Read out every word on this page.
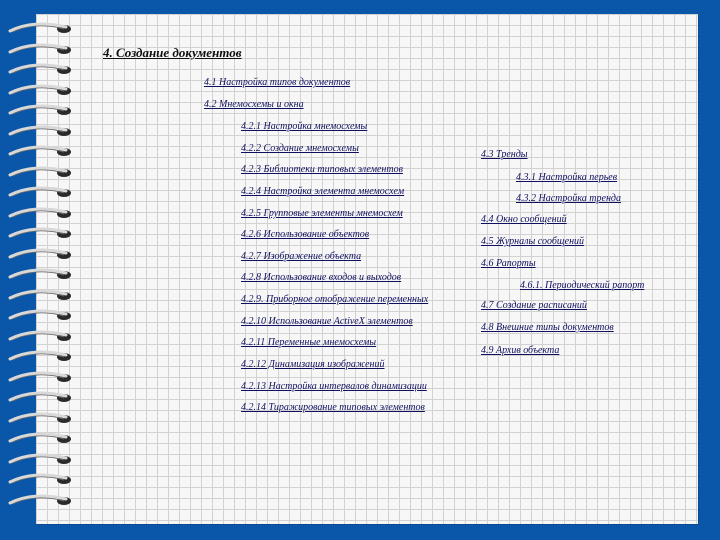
4. Создание документов
4.1 Настройка типов документов
4.2 Мнемосхемы и окна
4.2.1 Настройка мнемосхемы
4.2.2 Создание мнемосхемы
4.2.3 Библиотеки типовых элементов
4.2.4 Настройка элемента мнемосхем
4.2.5 Групповые элементы мнемосхем
4.2.6 Использование объектов
4.2.7 Изображение объекта
4.2.8 Использование входов и выходов
4.2.9. Приборное отображение переменных
4.2.10 Использование ActiveX элементов
4.2.11 Переменные мнемосхемы
4.2.12 Динамизация изображений
4.2.13 Настройка интервалов динамизации
4.2.14 Тиражирование типовых элементов
4.3 Тренды
4.3.1 Настройка перьев
4.3.2 Настройка тренда
4.4 Окно сообщений
4.5 Журналы сообщений
4.6 Рапорты
4.6.1. Периодический рапорт
4.7 Создание расписаний
4.8 Внешние типы документов
4.9 Архив объекта
